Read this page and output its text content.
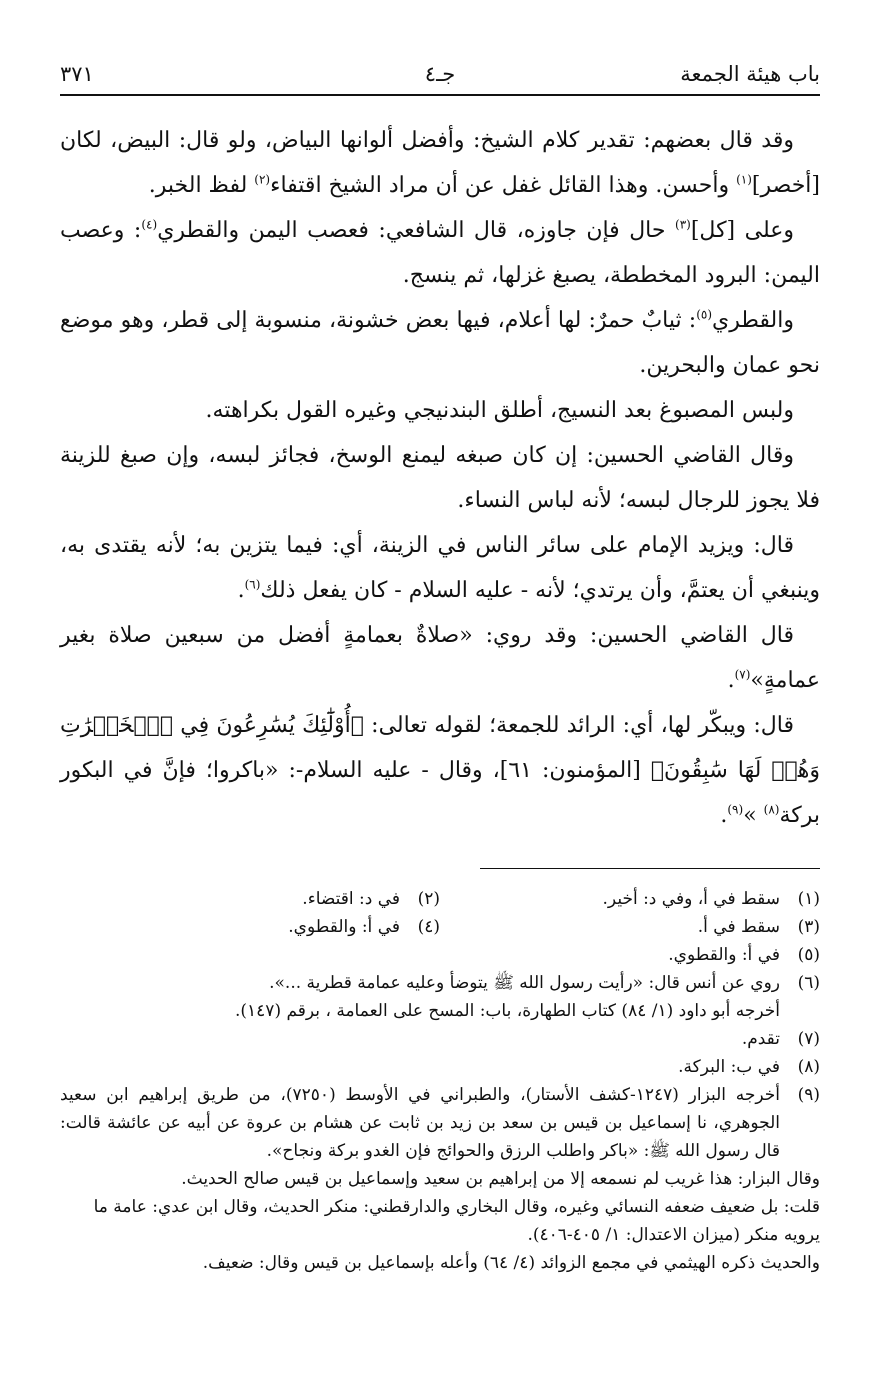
باب هيئة الجمعة
جـ٤
٣٧١

وقد قال بعضهم: تقدير كلام الشيخ: وأفضل ألوانها البياض، ولو قال: البيض، لكان [أخصر]$^{(١)}$ وأحسن. وهذا القائل غفل عن أن مراد الشيخ اقتفاء$^{(٢)}$ لفظ الخبر.

وعلى [كل]$^{(٣)}$ حال فإن جاوزه، قال الشافعي: فعصب اليمن والقطري$^{(٤)}$: وعصب اليمن: البرود المخططة، يصبغ غزلها، ثم ينسج.

والقطري$^{(٥)}$: ثيابٌ حمرٌ: لها أعلام، فيها بعض خشونة، منسوبة إلى قطر، وهو موضع نحو عمان والبحرين.

ولبس المصبوغ بعد النسيج، أطلق البندنيجي وغيره القول بكراهته.

وقال القاضي الحسين: إن كان صبغه ليمنع الوسخ، فجائز لبسه، وإن صبغ للزينة فلا يجوز للرجال لبسه؛ لأنه لباس النساء.

قال: ويزيد الإمام على سائر الناس في الزينة، أي: فيما يتزين به؛ لأنه يقتدى به، وينبغي أن يعتمَّ، وأن يرتدي؛ لأنه - عليه السلام - كان يفعل ذلك$^{(٦)}$.

قال القاضي الحسين: وقد روي: «صلاةٌ بعمامةٍ أفضل من سبعين صلاة بغير عمامةٍ»$^{(٧)}$.

قال: ويبكّر لها، أي: الرائد للجمعة؛ لقوله تعالى: ﴿أُوْلَٰٓئِكَ يُسَٰرِعُونَ فِي ٱلۡخَيۡرَٰتِ وَهُمۡ لَهَا سَٰبِقُونَ﴾ [المؤمنون: ٦١]، وقال - عليه السلام-: «باكروا؛ فإنَّ في البكور بركة$^{(٨)}$ »$^{(٩)}$.

(١)
سقط في أ، وفي د: أخير.
(٢)
في د: اقتضاء.
(٣)
سقط في أ.
(٤)
في أ: والقطوي.
(٥)
في أ: والقطوي.
(٦)
روي عن أنس قال: «رأيت رسول الله ﷺ يتوضأ وعليه عمامة قطرية ...».
أخرجه أبو داود (١/ ٨٤) كتاب الطهارة، باب: المسح على العمامة ، برقم (١٤٧).
(٧)
تقدم.
(٨)
في ب: البركة.
(٩)
أخرجه البزار (١٢٤٧-كشف الأستار)، والطبراني في الأوسط (٧٢٥٠)، من طريق إبراهيم ابن سعيد الجوهري، نا إسماعيل بن قيس بن سعد بن زيد بن ثابت عن هشام بن عروة عن أبيه عن عائشة قالت: قال رسول الله ﷺ: «باكر واطلب الرزق والحوائج فإن الغدو بركة ونجاح».
وقال البزار: هذا غريب لم نسمعه إلا من إبراهيم بن سعيد وإسماعيل بن قيس صالح الحديث.
قلت: بل ضعيف ضعفه النسائي وغيره، وقال البخاري والدارقطني: منكر الحديث، وقال ابن عدي: عامة ما يرويه منكر (ميزان الاعتدال: ١/ ٤٠٥-٤٠٦).
والحديث ذكره الهيثمي في مجمع الزوائد (٤/ ٦٤) وأعله بإسماعيل بن قيس وقال: ضعيف.
